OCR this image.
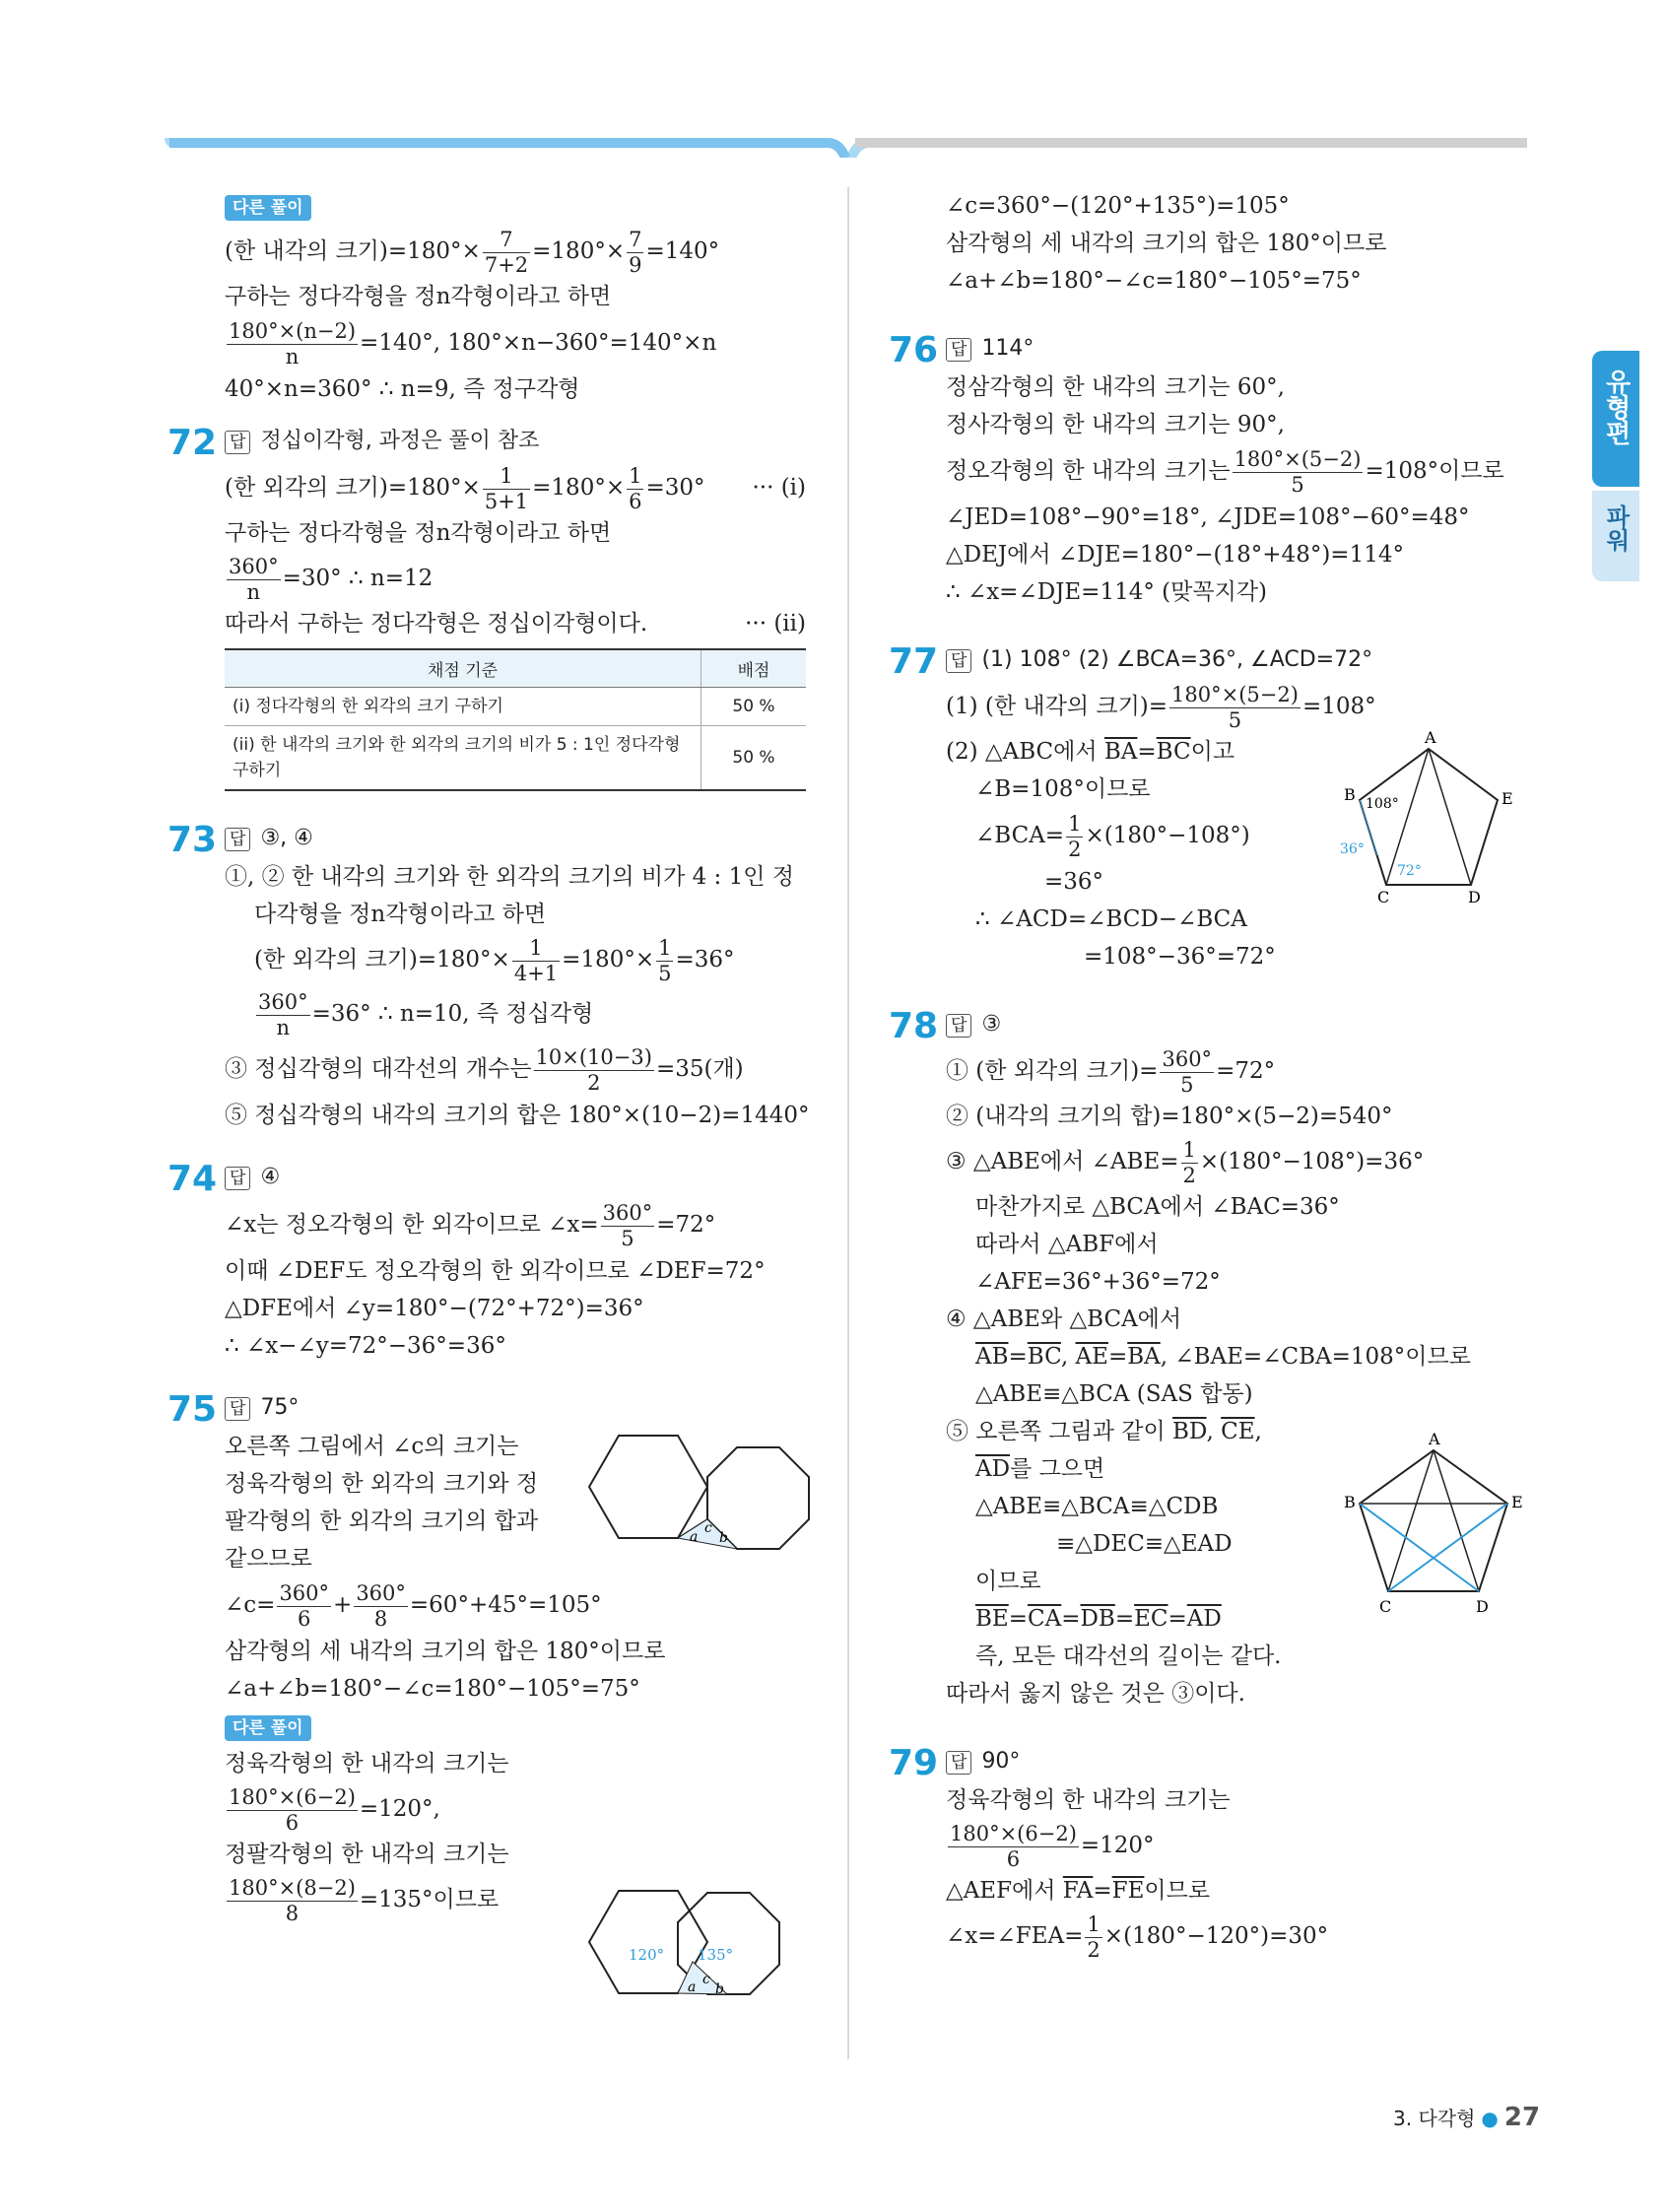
유형편
파워
다른 풀이
(한 내각의 크기)$=180^\circ\times \frac{7}{7+2} =180^\circ\times \frac{7}{9} =140^\circ$
구하는 정다각형을 정n각형이라고 하면
$\frac{180^\circ\times(n-2)}{n} =140^\circ$, 180°×n−360°=140°×n
40°×n=360° ∴ n=9, 즉 정구각형
72 답 정십이각형, 과정은 풀이 참조
(한 외각의 크기)$=180^\circ\times \frac{1}{5+1} =180^\circ\times \frac{1}{6} =30^\circ$ ··· (i)
구하는 정다각형을 정n각형이라고 하면
$\frac{360^\circ}{n} =30^\circ$ ∴ n=12
따라서 구하는 정다각형은 정십이각형이다.	··· (ii)
채점 기준	배점
(i) 정다각형의 한 외각의 크기 구하기	50 %
(ii) 한 내각의 크기와 한 외각의 크기의 비가 5 : 1인 정다각형 구하기	50 %
73 답 ③, ④
①, ② 한 내각의 크기와 한 외각의 크기의 비가 4 : 1인 정
다각형을 정n각형이라고 하면
(한 외각의 크기)$=180^\circ\times \frac{1}{4+1} =180^\circ\times \frac{1}{5} =36^\circ$
$\frac{360^\circ}{n} =36^\circ$ ∴ n=10, 즉 정십각형
③ 정십각형의 대각선의 개수는 $\frac{10\times(10-3)}{2} =35$(개)
⑤ 정십각형의 내각의 크기의 합은 180°×(10−2)=1440°
74 답 ④
∠x는 정오각형의 한 외각이므로 ∠x= $\frac{360^\circ}{5} =72^\circ$
이때 ∠DEF도 정오각형의 한 외각이므로 ∠DEF=72°
△DFE에서 ∠y=180°−(72°+72°)=36°
∴ ∠x−∠y=72°−36°=36°
75 답 75°
오른쪽 그림에서 ∠c의 크기는
정육각형의 한 외각의 크기와 정
팔각형의 한 외각의 크기의 합과
같으므로
a
c
b
∠c= $\frac{360^\circ}{6} + \frac{360^\circ}{8} =60^\circ+45^\circ=105^\circ$
삼각형의 세 내각의 크기의 합은 180°이므로
∠a+∠b=180°−∠c=180°−105°=75°
다른 풀이
정육각형의 한 내각의 크기는
$\frac{180^\circ\times(6-2)}{6} =120^\circ$,
정팔각형의 한 내각의 크기는
$\frac{180^\circ\times(8-2)}{8} =135^\circ$이므로
120° 135°
a c
b
∠c=360°−(120°+135°)=105°
삼각형의 세 내각의 크기의 합은 180°이므로
∠a+∠b=180°−∠c=180°−105°=75°
76 답 114°
정삼각형의 한 내각의 크기는 60°,
정사각형의 한 내각의 크기는 90°,
정오각형의 한 내각의 크기는 $\frac{180^\circ\times(5-2)}{5} =108^\circ$이므로
∠JED=108°−90°=18°, ∠JDE=108°−60°=48°
△DEJ에서 ∠DJE=180°−(18°+48°)=114°
∴ ∠x=∠DJE=114° (맞꼭지각)
77 답 (1) 108° (2) ∠BCA=36°, ∠ACD=72°
(1) (한 내각의 크기)= $\frac{180^\circ\times(5-2)}{5} =108^\circ$
(2) △ABC에서 $\overline{BA}=\overline{BC}$이고
∠B=108°이므로
∠BCA= $\frac{1}{2} \times(180^\circ-108^\circ)$
=36°
∴ ∠ACD=∠BCD−∠BCA
=108°−36°=72°
A
B
C	D
E
108°
36°
72°
78 답 ③
① (한 외각의 크기)= $\frac{360^\circ}{5} =72^\circ$
② (내각의 크기의 합)=180°×(5−2)=540°
③ △ABE에서 ∠ABE= $\frac{1}{2} \times(180^\circ-108^\circ)=36^\circ$
마찬가지로 △BCA에서 ∠BAC=36°
따라서 △ABF에서
∠AFE=36°+36°=72°
④ △ABE와 △BCA에서
$\overline{AB}=\overline{BC}$, $\overline{AE}=\overline{BA}$, ∠BAE=∠CBA=108°이므로
△ABE≡△BCA (SAS 합동)
⑤ 오른쪽 그림과 같이 $\overline{BD}$, $\overline{CE}$,
$\overline{AD}$를 그으면
△ABE≡△BCA≡△CDB
≡△DEC≡△EAD
이므로
$\overline{BE}=\overline{CA}=\overline{DB}=\overline{EC}=\overline{AD}$
즉, 모든 대각선의 길이는 같다.
따라서 옳지 않은 것은 ③이다.
A
B
C	D
E
79 답 90°
정육각형의 한 내각의 크기는
$\frac{180^\circ\times(6-2)}{6} =120^\circ$
△AEF에서 $\overline{FA}=\overline{FE}$이므로
∠x=∠FEA= $\frac{1}{2} \times(180^\circ-120^\circ)=30^\circ$
3. 다각형 ● 27
